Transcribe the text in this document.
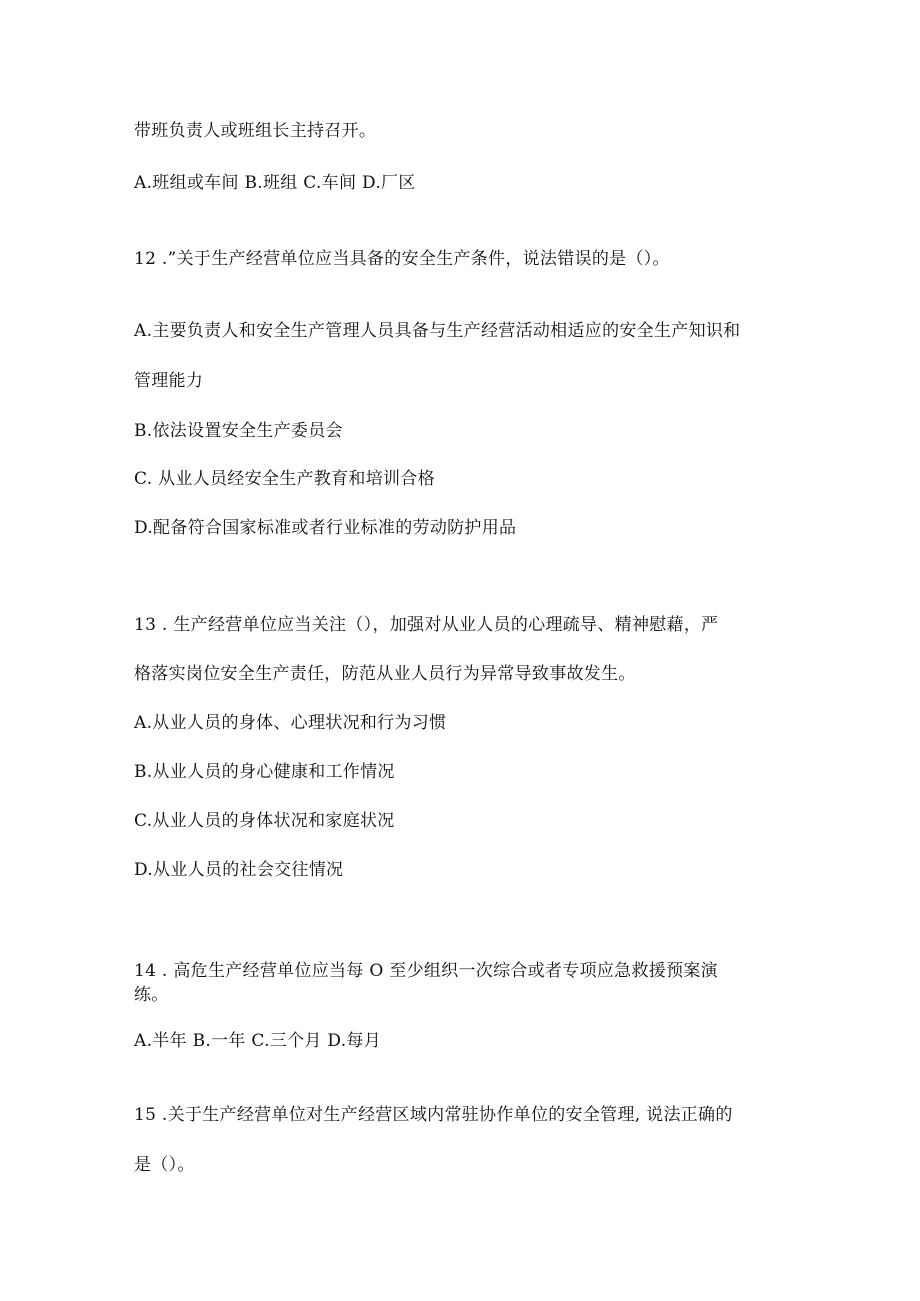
带班负责人或班组长主持召开。
A.班组或车间 B.班组 C.车间 D.厂区
12 .”关于生产经营单位应当具备的安全生产条件，说法错误的是（）。
A.主要负责人和安全生产管理人员具备与生产经营活动相适应的安全生产知识和
管理能力
B.依法设置安全生产委员会
C. 从业人员经安全生产教育和培训合格
D.配备符合国家标准或者行业标准的劳动防护用品
13 . 生产经营单位应当关注（），加强对从业人员的心理疏导、精神慰藉，严
格落实岗位安全生产责任，防范从业人员行为异常导致事故发生。
A.从业人员的身体、心理状况和行为习惯
B.从业人员的身心健康和工作情况
C.从业人员的身体状况和家庭状况
D.从业人员的社会交往情况
14 . 高危生产经营单位应当每 O 至少组织一次综合或者专项应急救援预案演
练。
A.半年 B.一年 C.三个月 D.每月
15 .关于生产经营单位对生产经营区域内常驻协作单位的安全管理, 说法正确的
是（）。
